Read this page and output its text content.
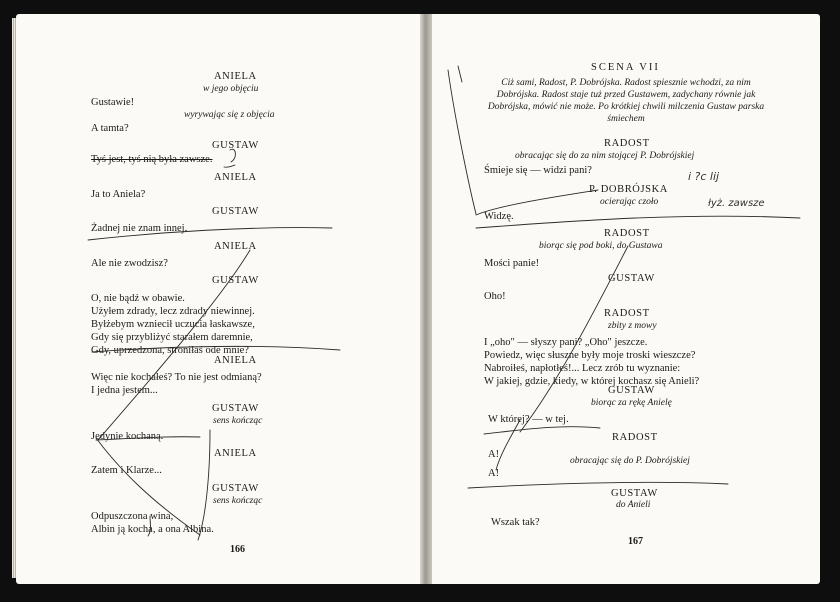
ANIELA
w jego objęciu
Gustawie!
wyrywając się z objęcia
A tamta?
GUSTAW
Tyś jest, tyś nią była zawsze.
ANIELA
Ja to Aniela?
GUSTAW
Żadnej nie znam innej.
ANIELA
Ale nie zwodzisz?
GUSTAW
O, nie bądź w obawie.
Użyłem zdrady, lecz zdrady niewinnej.
Byłżebym wzniecił uczucia łaskawsze,
Gdy się przybliżyć starałem daremnie,
Gdy, uprzedzona, stroniłaś ode mnie?
ANIELA
Więc nie kochałeś? To nie jest odmianą?
I jedna jestem...
GUSTAW
sens kończąc
Jedynie kochaną.
ANIELA
Zatem i Klarze...
GUSTAW
sens kończąc
Odpuszczona wina,
Albin ją kocha, a ona Albina.
166
SCENA VII
Ciż sami, Radost, P. Dobrójska. Radost spiesznie wchodzi, za nim Dobrójska. Radost staje tuż przed Gustawem, zadychany równie jak Dobrójska, mówić nie może. Po krótkiej chwili milczenia Gustaw parska śmiechem
RADOST
obracając się do za nim stojącej P. Dobrójskiej
Śmieje się — widzi pani?
P. DOBRÓJSKA
ocierając czoło
Widzę.
RADOST
biorąc się pod boki, do Gustawa
Mości panie!
GUSTAW
Oho!
RADOST
zbity z mowy
I „oho" — słyszy pani? „Oho" jeszcze.
Powiedz, więc słuszne były moje troski wieszcze?
Nabroiłeś, napłotłeś!... Lecz zrób tu wyznanie:
W jakiej, gdzie, kiedy, w której kochasz się Anieli?
GUSTAW
biorąc za rękę Anielę
W której? — w tej.
RADOST
A!
obracając się do P. Dobrójskiej
A!
GUSTAW
do Anieli
Wszak tak?
167
i ?c lij
łyż. zawsze
